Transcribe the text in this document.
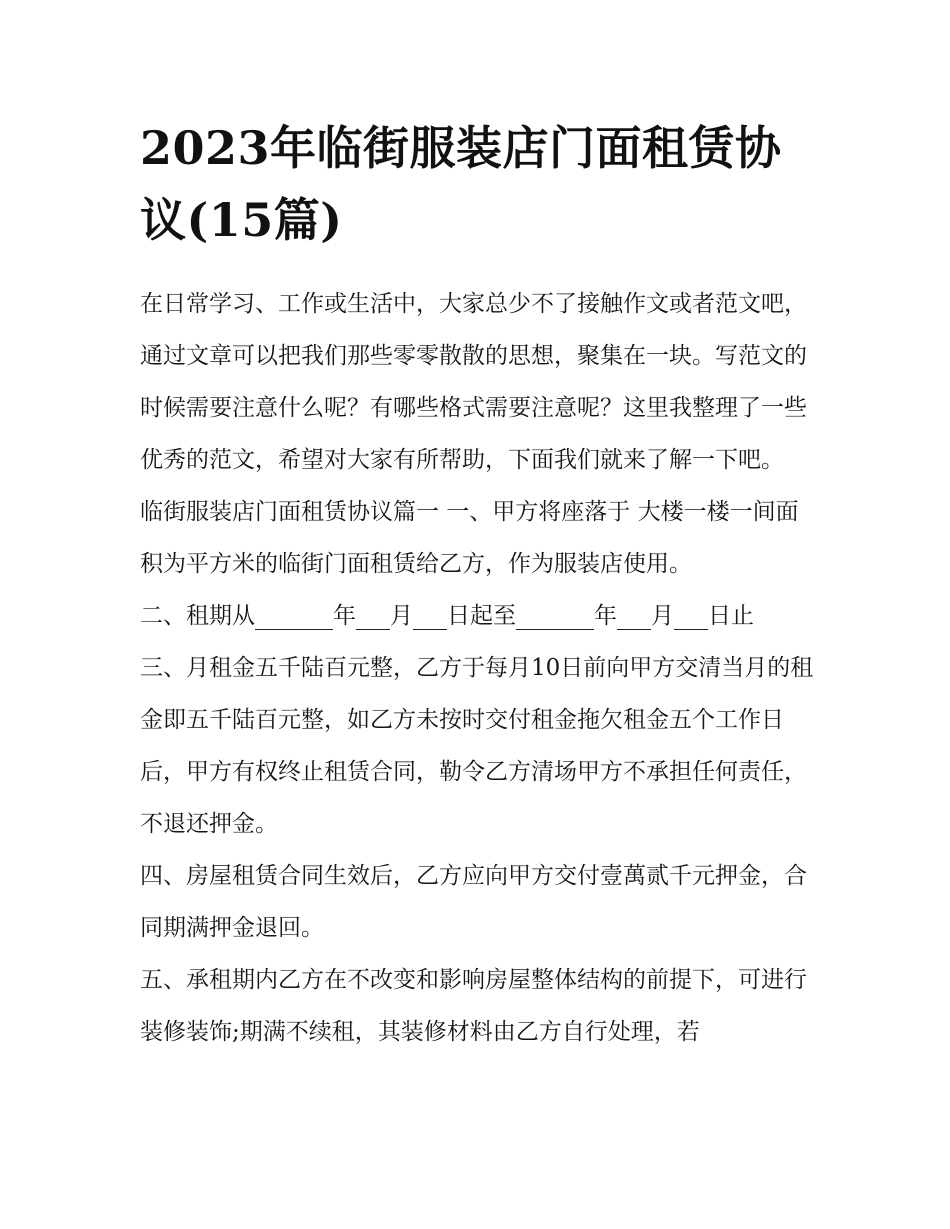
2023年临街服装店门面租赁协议(15篇)

在日常学习、工作或生活中，大家总少不了接触作文或者范文吧，通过文章可以把我们那些零零散散的思想，聚集在一块。写范文的时候需要注意什么呢？有哪些格式需要注意呢？这里我整理了一些优秀的范文，希望对大家有所帮助，下面我们就来了解一下吧。

临街服装店门面租赁协议篇一 一、甲方将座落于 大楼一楼一间面积为平方米的临街门面租赁给乙方，作为服装店使用。

二、租期从	年 月 日起至	年 月 日止

三、月租金五千陆百元整，乙方于每月10日前向甲方交清当月的租金即五千陆百元整，如乙方未按时交付租金拖欠租金五个工作日后，甲方有权终止租赁合同，勒令乙方清场甲方不承担任何责任，不退还押金。

四、房屋租赁合同生效后，乙方应向甲方交付壹萬贰千元押金，合同期满押金退回。

五、承租期内乙方在不改变和影响房屋整体结构的前提下，可进行装修装饰;期满不续租，其装修材料由乙方自行处理，若
